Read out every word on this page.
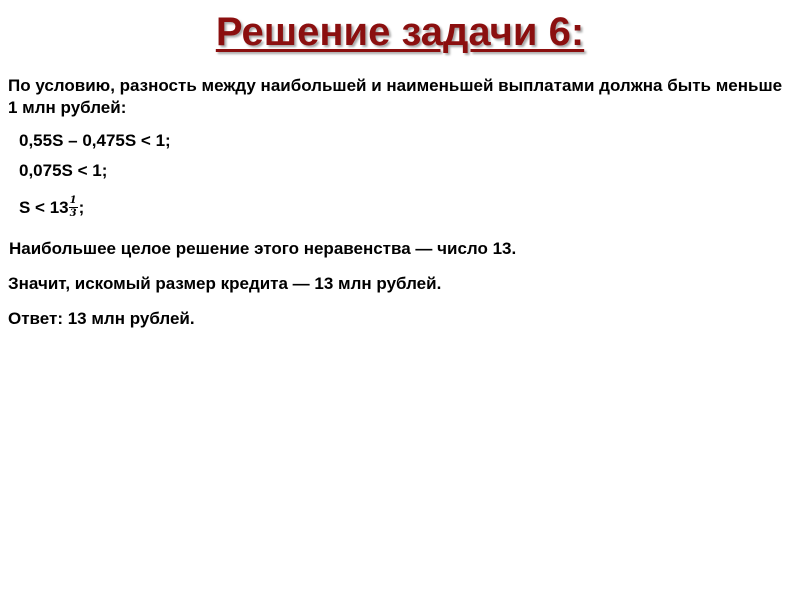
Решение задачи 6:
По условию, разность между наибольшей и наименьшей выплатами должна быть меньше 1 млн рублей:
0,55S – 0,475S < 1;
0,075S < 1;
$S < 13 \frac{1}{3}$ ;
Наибольшее целое решение этого неравенства — число 13.
Значит, искомый размер кредита — 13 млн рублей.
Ответ: 13 млн рублей.
